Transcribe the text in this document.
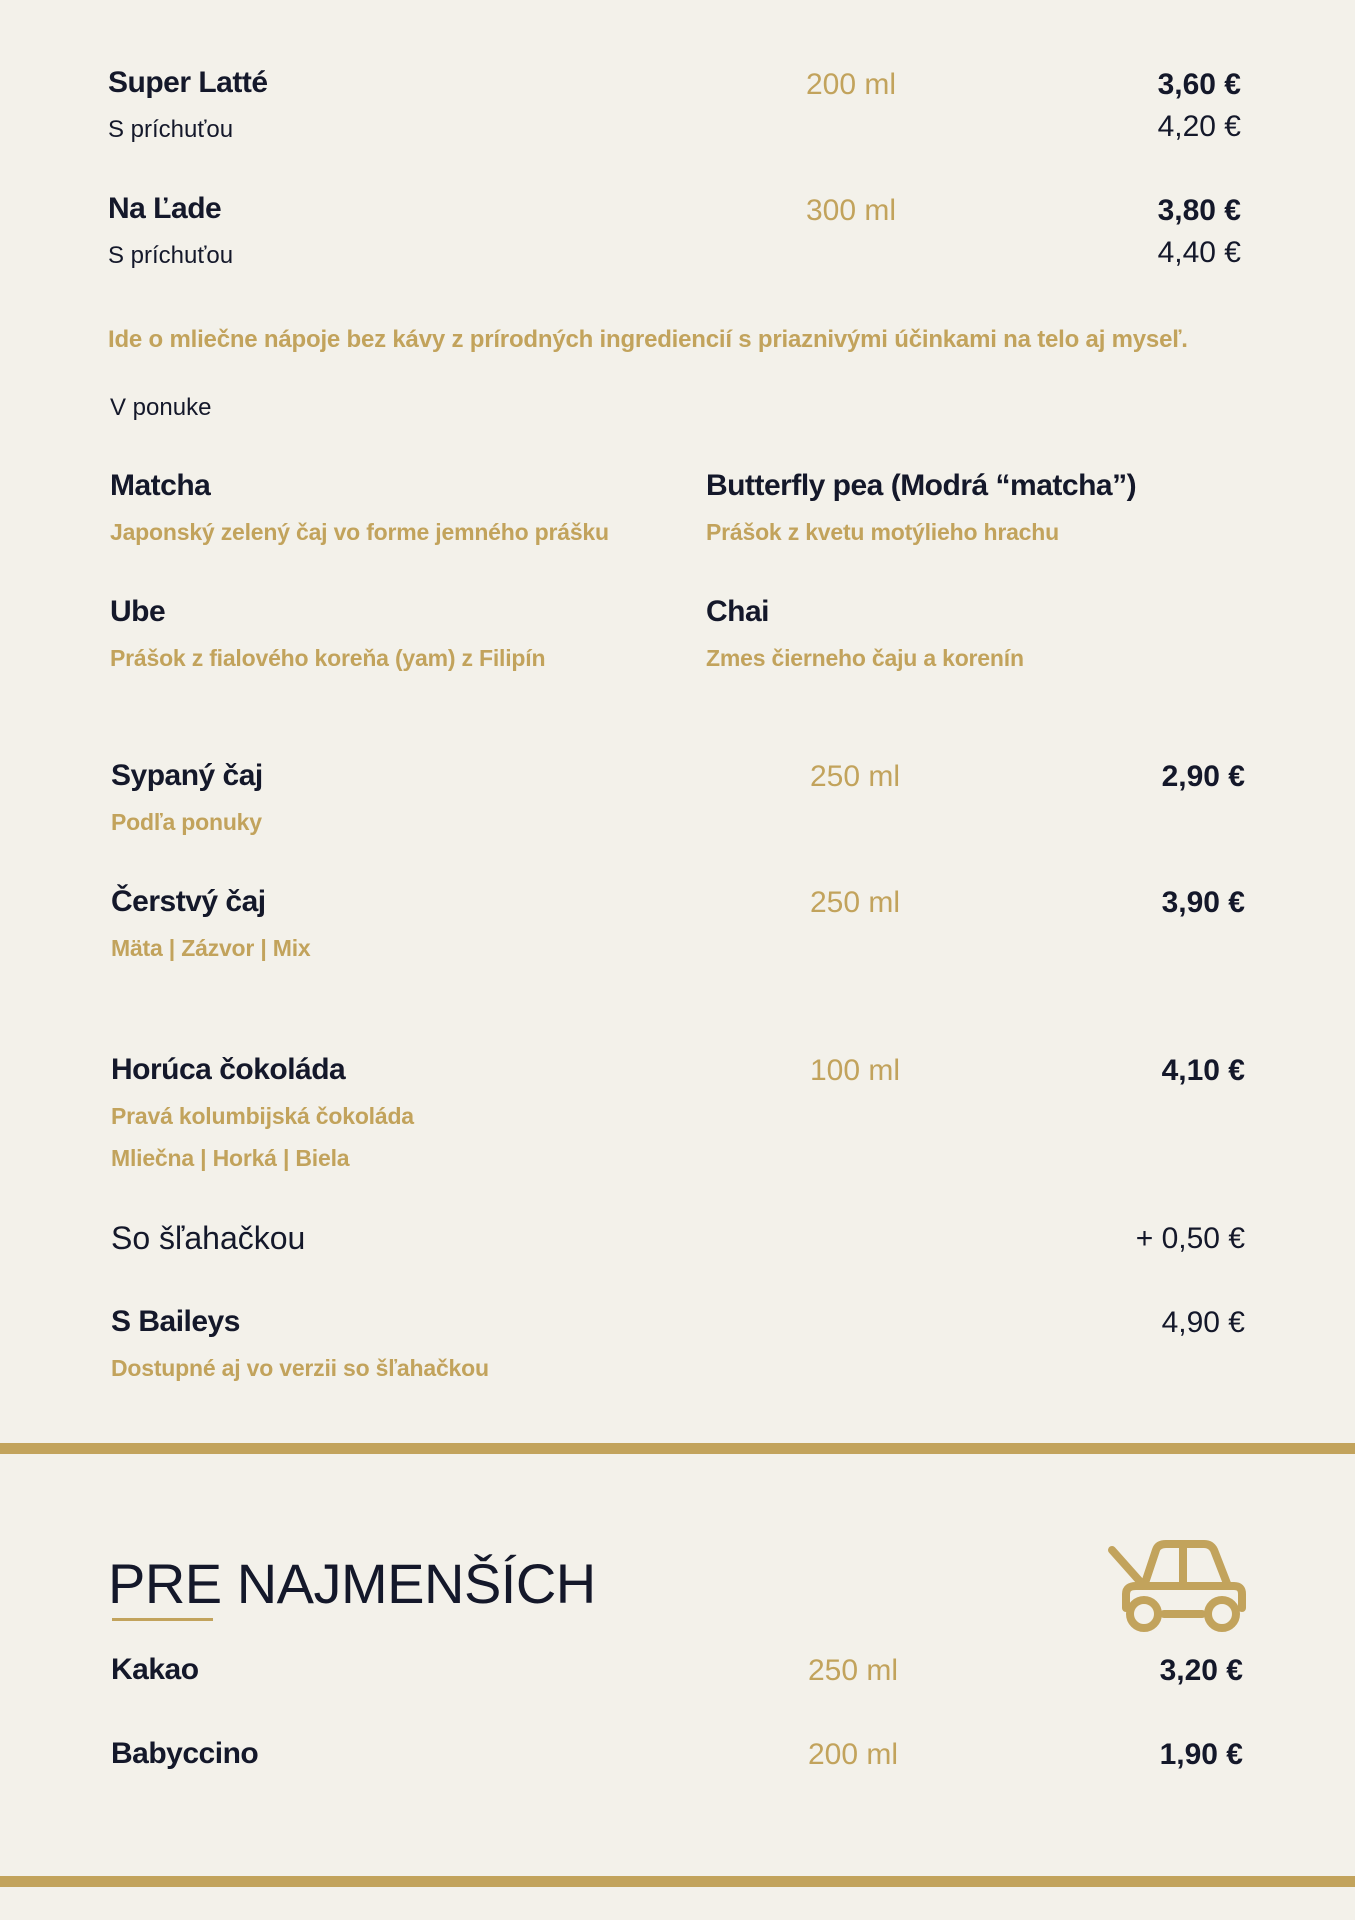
Super Latté	200 ml	3,60 €
S príchuťou	4,20 €
Na Ľade	300 ml	3,80 €
S príchuťou	4,40 €
Ide o mliečne nápoje bez kávy z prírodných ingrediencií s priaznivými účinkami na telo aj myseľ.
V ponuke
Matcha
Japonský zelený čaj vo forme jemného prášku
Butterfly pea (Modrá “matcha”)
Prášok z kvetu motýlieho hrachu
Ube
Prášok z fialového koreňa (yam) z Filipín
Chai
Zmes čierneho čaju a korenín
Sypaný čaj
Podľa ponuky
250 ml	2,90 €
Čerstvý čaj
Mäta | Zázvor | Mix
250 ml	3,90 €
Horúca čokoláda
Pravá kolumbijská čokoláda
Mliečna | Horká | Biela
100 ml	4,10 €
So šľahačkou	+ 0,50 €
S Baileys
Dostupné aj vo verzii so šľahačkou
4,90 €
PRE NAJMENŠÍCH
Kakao	250 ml	3,20 €
Babyccino	200 ml	1,90 €
